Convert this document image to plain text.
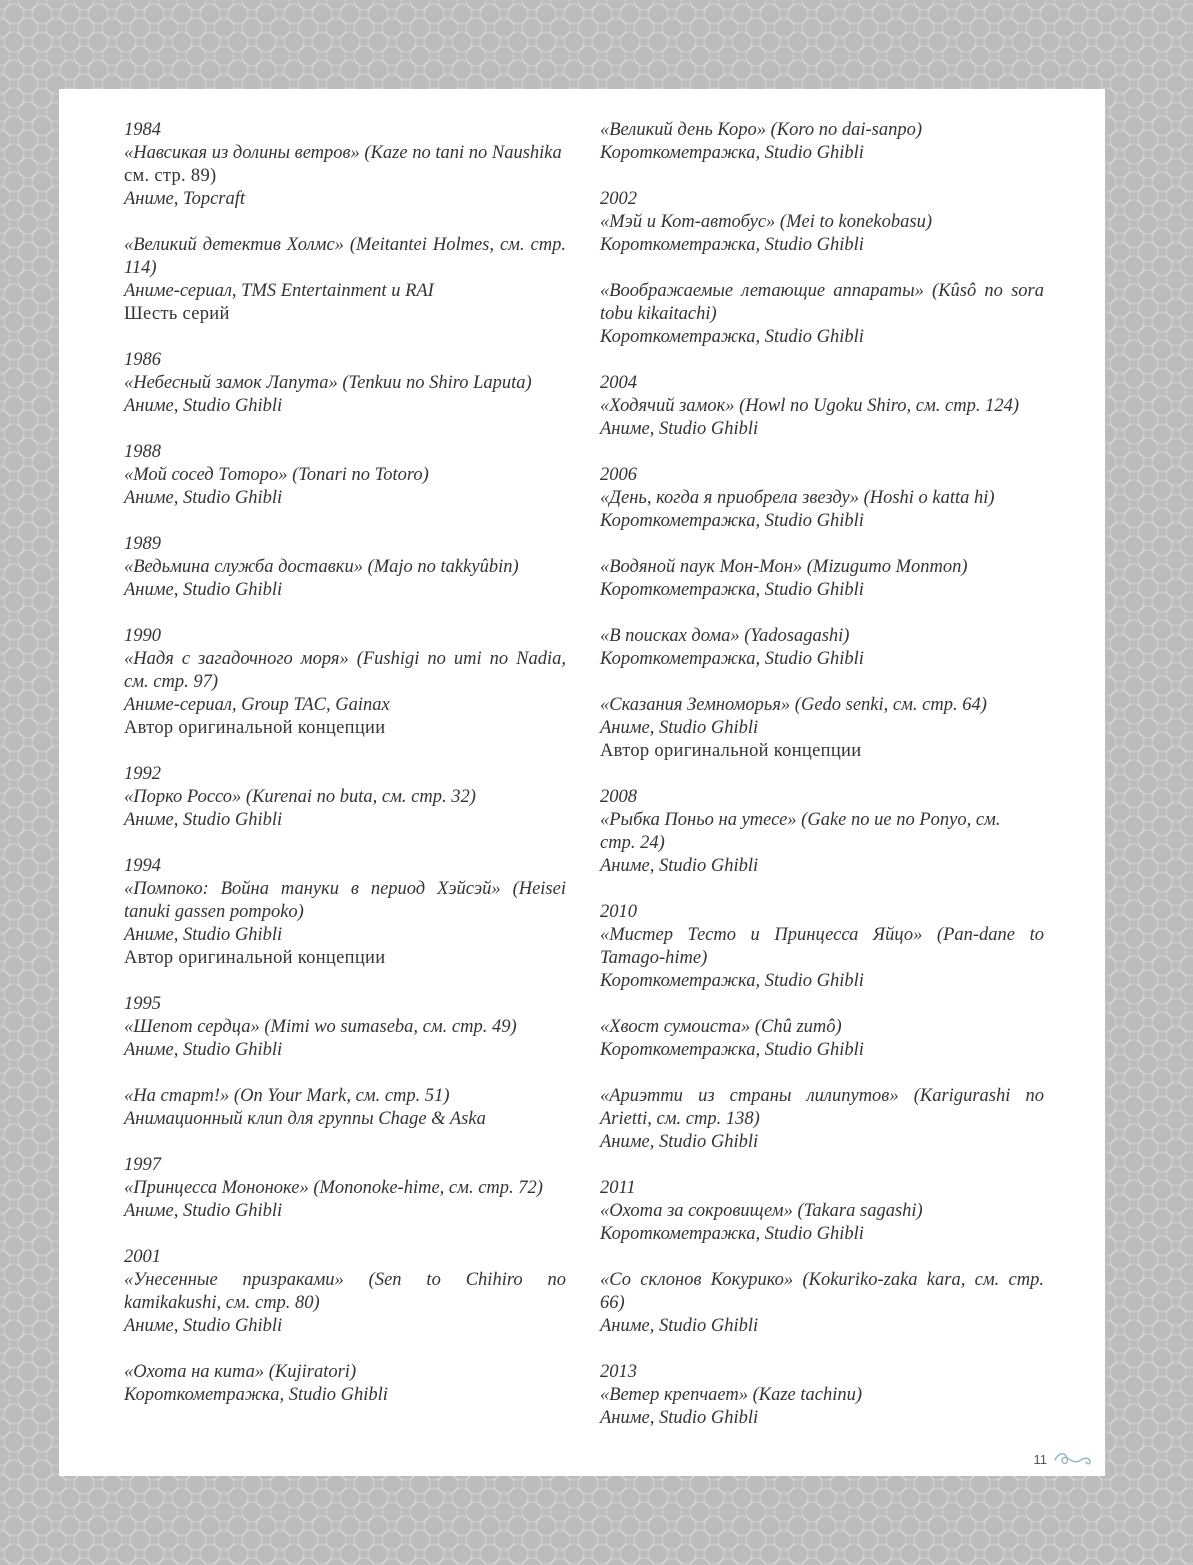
1984
«Навсикая из долины ветров» (Kaze no tani no Naushika
см. стр. 89)
Аниме, Topcraft
«Великий детектив Холмс» (Meitantei Holmes, см. стр. 114)
Аниме-сериал, TMS Entertainment и RAI
Шесть серий
1986
«Небесный замок Лапута» (Tenkuu no Shiro Laputa)
Аниме, Studio Ghibli
1988
«Мой сосед Тоторо» (Tonari no Totoro)
Аниме, Studio Ghibli
1989
«Ведьмина служба доставки» (Majo no takkyûbin)
Аниме, Studio Ghibli
1990
«Надя с загадочного моря» (Fushigi no umi no Nadia, см. стр. 97)
Аниме-сериал, Group TAC, Gainax
Автор оригинальной концепции
1992
«Порко Россо» (Kurenai no buta, см. стр. 32)
Аниме, Studio Ghibli
1994
«Помпоко: Война тануки в период Хэйсэй» (Heisei tanuki gassen pompoko)
Аниме, Studio Ghibli
Автор оригинальной концепции
1995
«Шепот сердца» (Mimi wo sumaseba, см. стр. 49)
Аниме, Studio Ghibli
«На старт!» (On Your Mark, см. стр. 51)
Анимационный клип для группы Chage & Aska
1997
«Принцесса Мононоке» (Mononoke-hime, см. стр. 72)
Аниме, Studio Ghibli
2001
«Унесенные призраками» (Sen to Chihiro no kamikakushi, см. стр. 80)
Аниме, Studio Ghibli
«Охота на кита» (Kujiratori)
Короткометражка, Studio Ghibli
«Великий день Коро» (Koro no dai-sanpo)
Короткометражка, Studio Ghibli
2002
«Мэй и Кот-автобус» (Mei to konekobasu)
Короткометражка, Studio Ghibli
«Воображаемые летающие аппараты» (Kûsô no sora tobu kikaitachi)
Короткометражка, Studio Ghibli
2004
«Ходячий замок» (Howl no Ugoku Shiro, см. стр. 124)
Аниме, Studio Ghibli
2006
«День, когда я приобрела звезду» (Hoshi o katta hi)
Короткометражка, Studio Ghibli
«Водяной паук Мон-Мон» (Mizugumo Monmon)
Короткометражка, Studio Ghibli
«В поисках дома» (Yadosagashi)
Короткометражка, Studio Ghibli
«Сказания Земноморья» (Gedo senki, см. стр. 64)
Аниме, Studio Ghibli
Автор оригинальной концепции
2008
«Рыбка Поньо на утесе» (Gake no ue no Ponyo, см.
стр. 24)
Аниме, Studio Ghibli
2010
«Мистер Тесто и Принцесса Яйцо» (Pan-dane to Tamago-hime)
Короткометражка, Studio Ghibli
«Хвост сумоиста» (Chû zumô)
Короткометражка, Studio Ghibli
«Ариэтти из страны лилипутов» (Karigurashi no Arietti, см. стр. 138)
Аниме, Studio Ghibli
2011
«Охота за сокровищем» (Takara sagashi)
Короткометражка, Studio Ghibli
«Со склонов Кокурико» (Kokuriko-zaka kara, см. стр. 66)
Аниме, Studio Ghibli
2013
«Ветер крепчает» (Kaze tachinu)
Аниме, Studio Ghibli
11
